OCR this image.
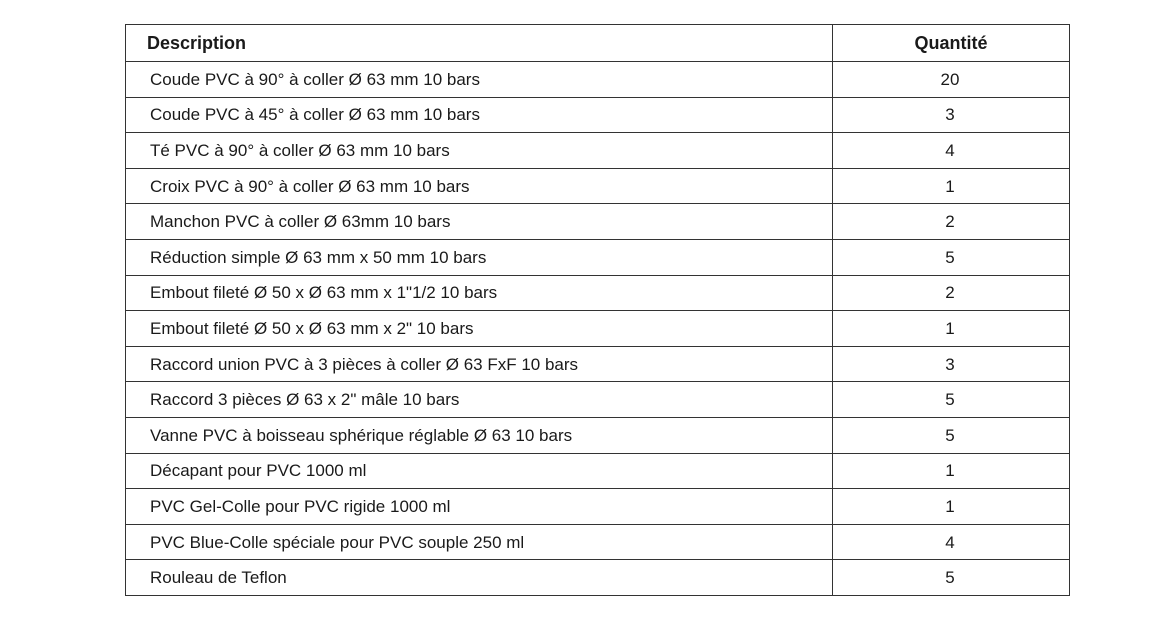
Description	Quantité
Coude PVC à 90° à coller Ø 63 mm 10 bars	20
Coude PVC à 45° à coller Ø 63 mm 10 bars	3
Té PVC à 90° à coller Ø 63 mm 10 bars	4
Croix PVC à 90° à coller Ø 63 mm 10 bars	1
Manchon PVC à coller Ø 63mm 10 bars	2
Réduction simple Ø 63 mm x 50 mm 10 bars	5
Embout fileté Ø 50 x Ø 63 mm x 1"1/2 10 bars	2
Embout fileté Ø 50 x Ø 63 mm x 2" 10 bars	1
Raccord union PVC à 3 pièces à coller Ø 63 FxF 10 bars	3
Raccord 3 pièces Ø 63 x 2" mâle 10 bars	5
Vanne PVC à boisseau sphérique réglable Ø 63 10 bars	5
Décapant pour PVC 1000 ml	1
PVC Gel-Colle pour PVC rigide 1000 ml	1
PVC Blue-Colle spéciale pour PVC souple 250 ml	4
Rouleau de Teflon	5
